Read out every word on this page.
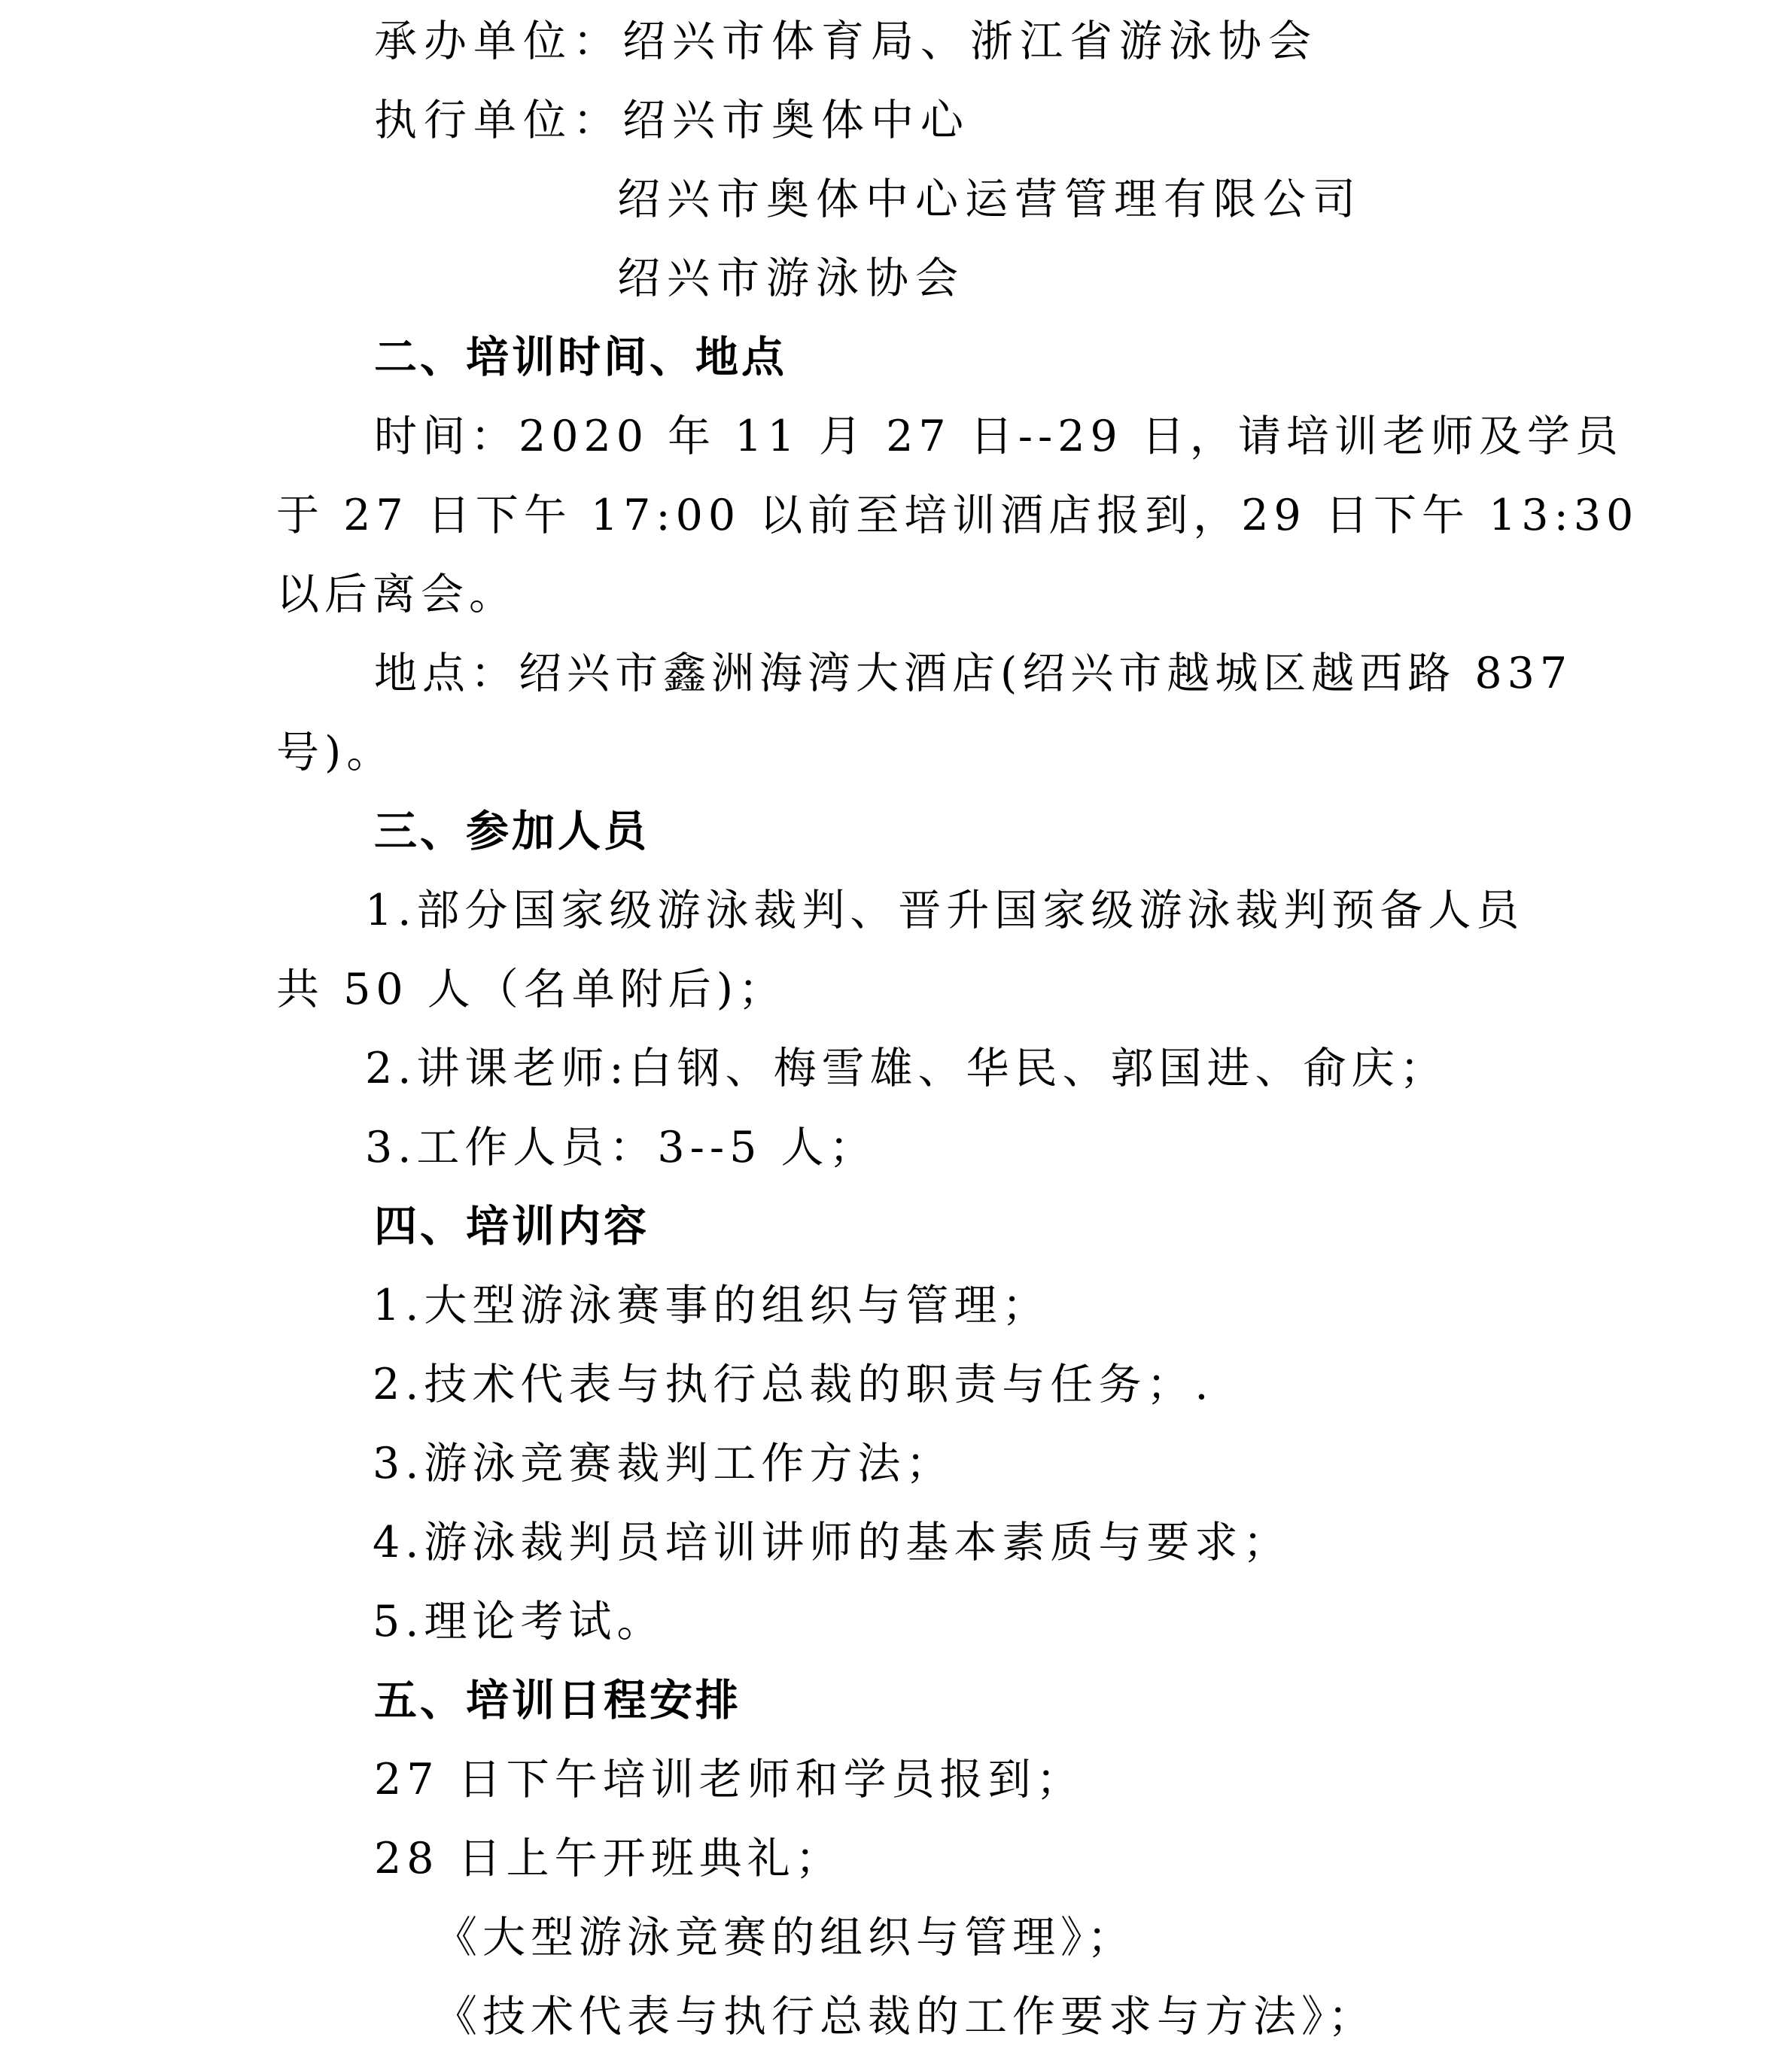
承办单位：绍兴市体育局、浙江省游泳协会
执行单位：绍兴市奥体中心
绍兴市奥体中心运营管理有限公司
绍兴市游泳协会
二、培训时间、地点
时间：2020 年 11 月 27 日--29 日，请培训老师及学员
于 27 日下午 17:00 以前至培训酒店报到，29 日下午 13:30
以后离会。
地点：绍兴市鑫洲海湾大酒店(绍兴市越城区越西路 837
号)。
三、参加人员
1.部分国家级游泳裁判、晋升国家级游泳裁判预备人员
共 50 人（名单附后)；
2.讲课老师:白钢、梅雪雄、华民、郭国进、俞庆；
3.工作人员：3--5 人；
四、培训内容
1.大型游泳赛事的组织与管理；
2.技术代表与执行总裁的职责与任务；.
3.游泳竞赛裁判工作方法；
4.游泳裁判员培训讲师的基本素质与要求；
5.理论考试。
五、培训日程安排
27 日下午培训老师和学员报到；
28 日上午开班典礼；
《大型游泳竞赛的组织与管理》；
《技术代表与执行总裁的工作要求与方法》；
